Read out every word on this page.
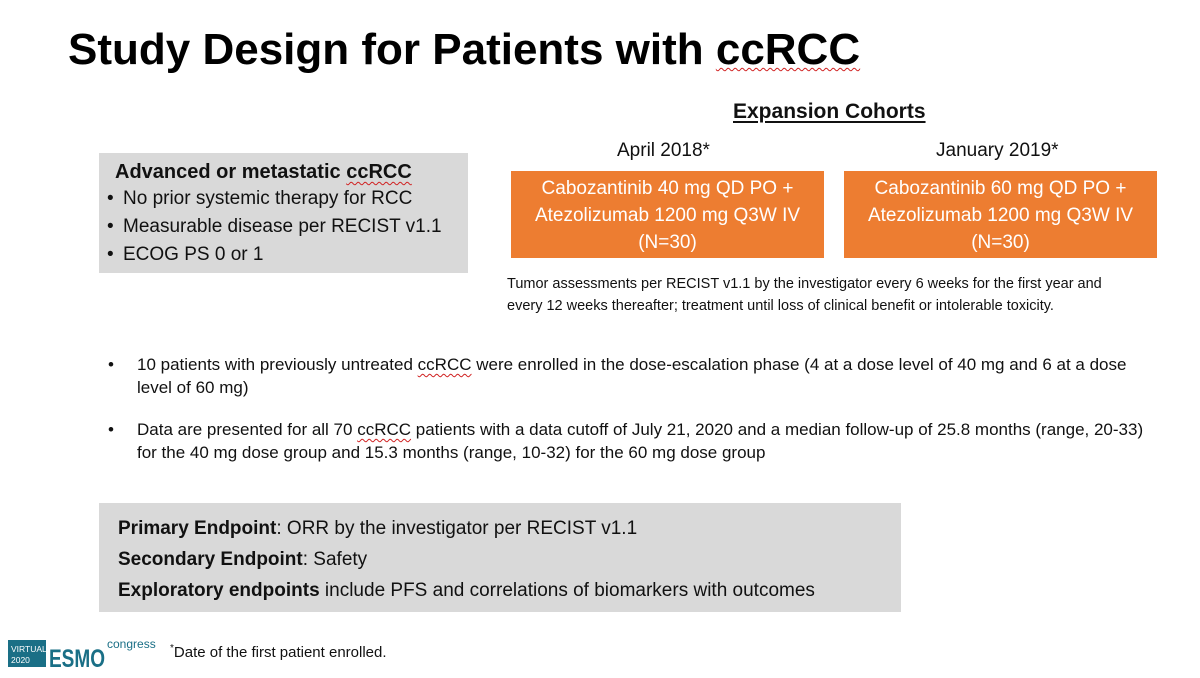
Study Design for Patients with ccRCC
Expansion Cohorts
April 2018*	January 2019*
Cabozantinib 40 mg QD PO +
Atezolizumab 1200 mg Q3W IV
(N=30)
Cabozantinib 60 mg QD PO +
Atezolizumab 1200 mg Q3W IV
(N=30)
Advanced or metastatic ccRCC
• No prior systemic therapy for RCC
• Measurable disease per RECIST v1.1
• ECOG PS 0 or 1
Tumor assessments per RECIST v1.1 by the investigator every 6 weeks for the first year and
every 12 weeks thereafter; treatment until loss of clinical benefit or intolerable toxicity.
• 10 patients with previously untreated ccRCC were enrolled in the dose-escalation phase (4 at a dose level of 40 mg and 6 at a dose level of 60 mg)
• Data are presented for all 70 ccRCC patients with a data cutoff of July 21, 2020 and a median follow-up of 25.8 months (range, 20-33) for the 40 mg dose group and 15.3 months (range, 10-32) for the 60 mg dose group
Primary Endpoint: ORR by the investigator per RECIST v1.1
Secondary Endpoint: Safety
Exploratory endpoints include PFS and correlations of biomarkers with outcomes
VIRTUAL
2020 ESMO
congress *Date of the first patient enrolled.
